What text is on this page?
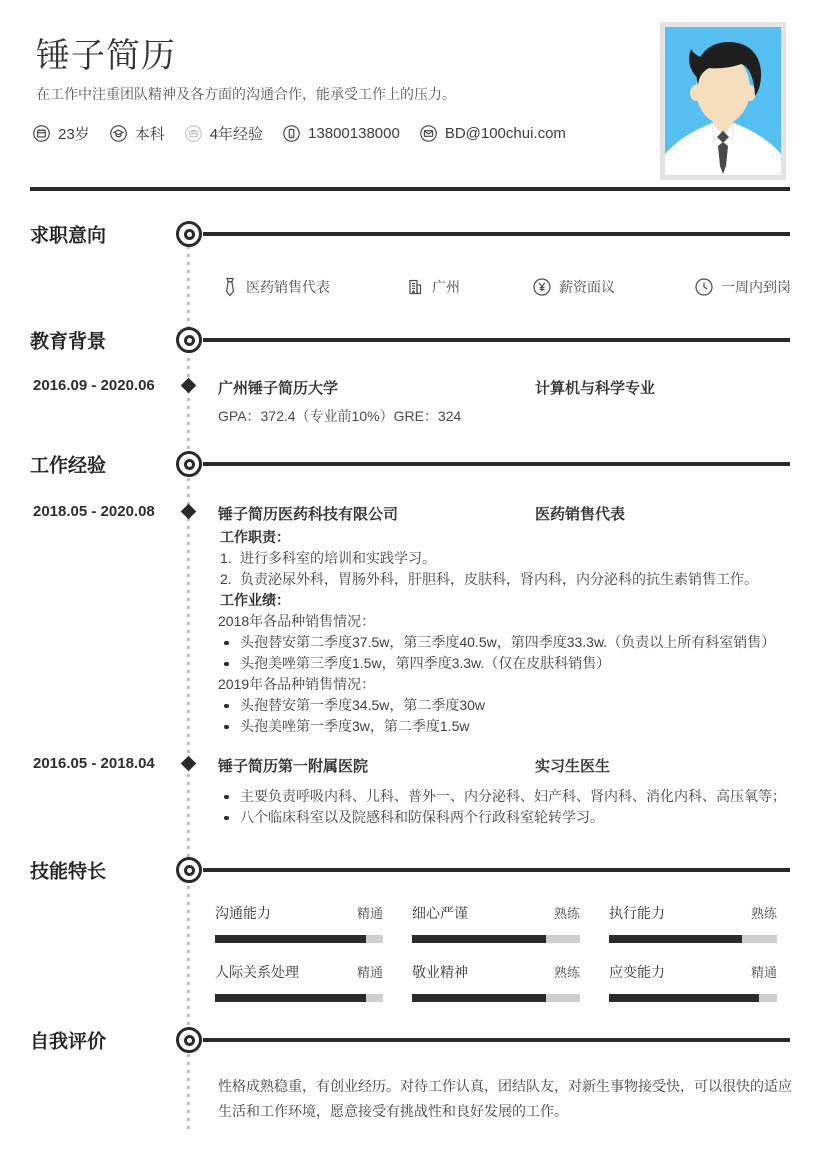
锤子简历

在工作中注重团队精神及各方面的沟通合作，能承受工作上的压力。

23岁	本科	4年经验	13800138000	BD@100chui.com
求职意向
医药销售代表	广州	薪资面议	一周内到岗
教育背景
2016.09 - 2020.06	广州锤子简历大学	计算机与科学专业
GPA：372.4（专业前10%）GRE：324
工作经验
2018.05 - 2020.08	锤子简历医药科技有限公司	医药销售代表
工作职责：
1. 进行多科室的培训和实践学习。
2. 负责泌尿外科，胃肠外科，肝胆科，皮肤科，肾内科，内分泌科的抗生素销售工作。
工作业绩：
2018年各品种销售情况：
头孢替安第二季度37.5w，第三季度40.5w，第四季度33.3w.（负责以上所有科室销售）
头孢美唑第三季度1.5w，第四季度3.3w.（仅在皮肤科销售）
2019年各品种销售情况：
头孢替安第一季度34.5w，第二季度30w
头孢美唑第一季度3w，第二季度1.5w
2016.05 - 2018.04	锤子简历第一附属医院	实习生医生
主要负责呼吸内科、儿科、普外一、内分泌科、妇产科、肾内科、消化内科、高压氧等；
八个临床科室以及院感科和防保科两个行政科室轮转学习。
技能特长
沟通能力	精通 细心严谨	熟练 执行能力	熟练
人际关系处理	精通 敬业精神	熟练 应变能力	精通
自我评价

性格成熟稳重，有创业经历。对待工作认真，团结队友，对新生事物接受快，可以很快的适应生活和工作环境，愿意接受有挑战性和良好发展的工作。
